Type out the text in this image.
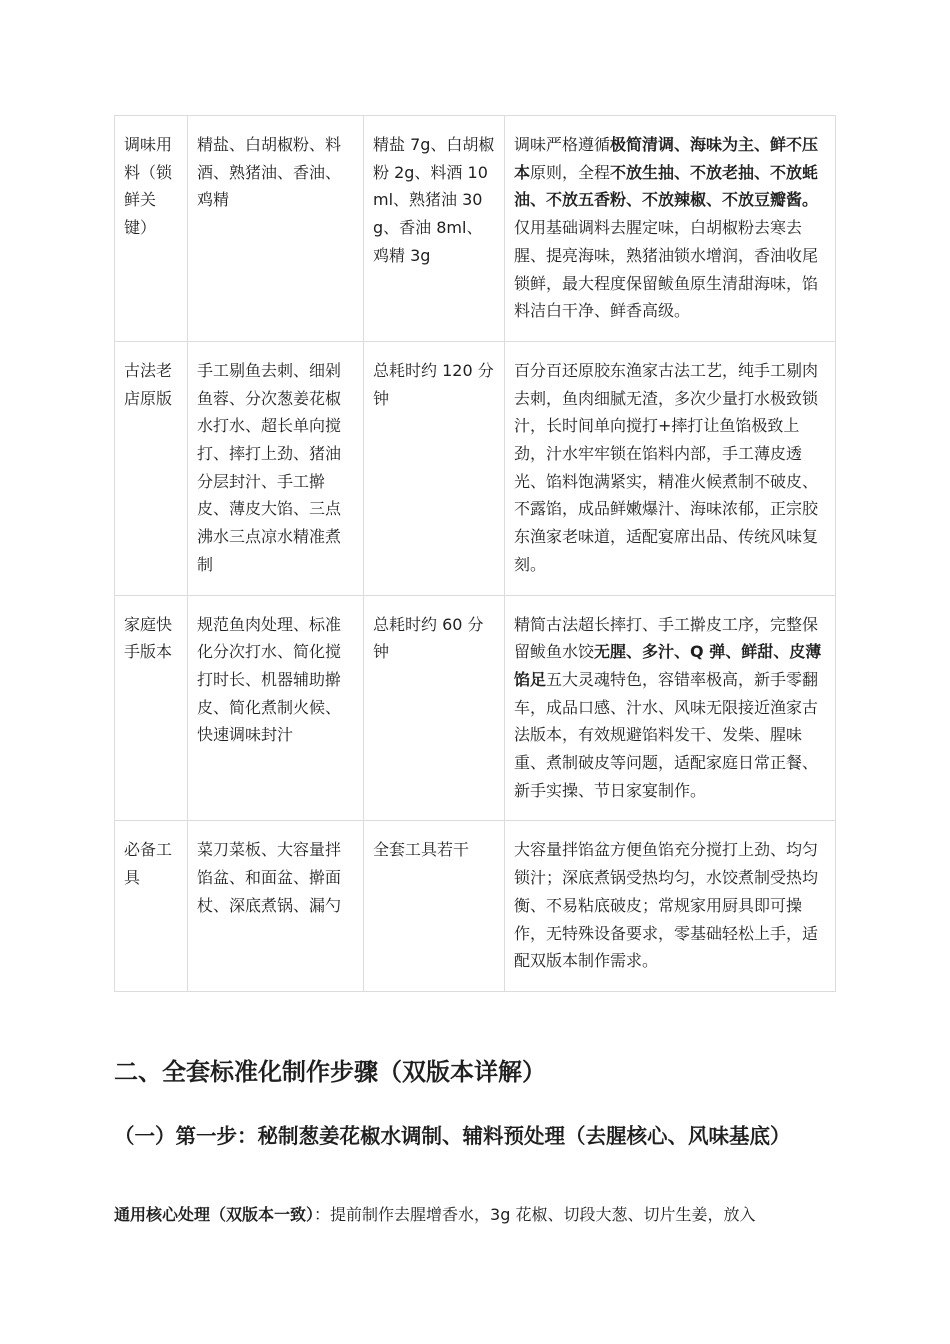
调味用料（锁鲜关键）	精盐、白胡椒粉、料酒、熟猪油、香油、鸡精	精盐 7g、白胡椒粉 2g、料酒 10ml、熟猪油 30g、香油 8ml、鸡精 3g	调味严格遵循极简清调、海味为主、鲜不压本原则，全程不放生抽、不放老抽、不放蚝油、不放五香粉、不放辣椒、不放豆瓣酱。仅用基础调料去腥定味，白胡椒粉去寒去腥、提亮海味，熟猪油锁水增润，香油收尾锁鲜，最大程度保留鲅鱼原生清甜海味，馅料洁白干净、鲜香高级。
古法老店原版	手工剔鱼去刺、细剁鱼蓉、分次葱姜花椒水打水、超长单向搅打、摔打上劲、猪油分层封汁、手工擀皮、薄皮大馅、三点沸水三点凉水精准煮制	总耗时约 120 分钟	百分百还原胶东渔家古法工艺，纯手工剔肉去刺，鱼肉细腻无渣，多次少量打水极致锁汁，长时间单向搅打+摔打让鱼馅极致上劲，汁水牢牢锁在馅料内部，手工薄皮透光、馅料饱满紧实，精准火候煮制不破皮、不露馅，成品鲜嫩爆汁、海味浓郁，正宗胶东渔家老味道，适配宴席出品、传统风味复刻。
家庭快手版本	规范鱼肉处理、标准化分次打水、简化搅打时长、机器辅助擀皮、简化煮制火候、快速调味封汁	总耗时约 60 分钟	精简古法超长摔打、手工擀皮工序，完整保留鲅鱼水饺无腥、多汁、Q 弹、鲜甜、皮薄馅足五大灵魂特色，容错率极高，新手零翻车，成品口感、汁水、风味无限接近渔家古法版本，有效规避馅料发干、发柴、腥味重、煮制破皮等问题，适配家庭日常正餐、新手实操、节日家宴制作。
必备工具	菜刀菜板、大容量拌馅盆、和面盆、擀面杖、深底煮锅、漏勺	全套工具若干	大容量拌馅盆方便鱼馅充分搅打上劲、均匀锁汁；深底煮锅受热均匀，水饺煮制受热均衡、不易粘底破皮；常规家用厨具即可操作，无特殊设备要求，零基础轻松上手，适配双版本制作需求。
二、全套标准化制作步骤（双版本详解）
（一）第一步：秘制葱姜花椒水调制、辅料预处理（去腥核心、风味基底）

通用核心处理（双版本一致）：提前制作去腥增香水，3g 花椒、切段大葱、切片生姜，放入
